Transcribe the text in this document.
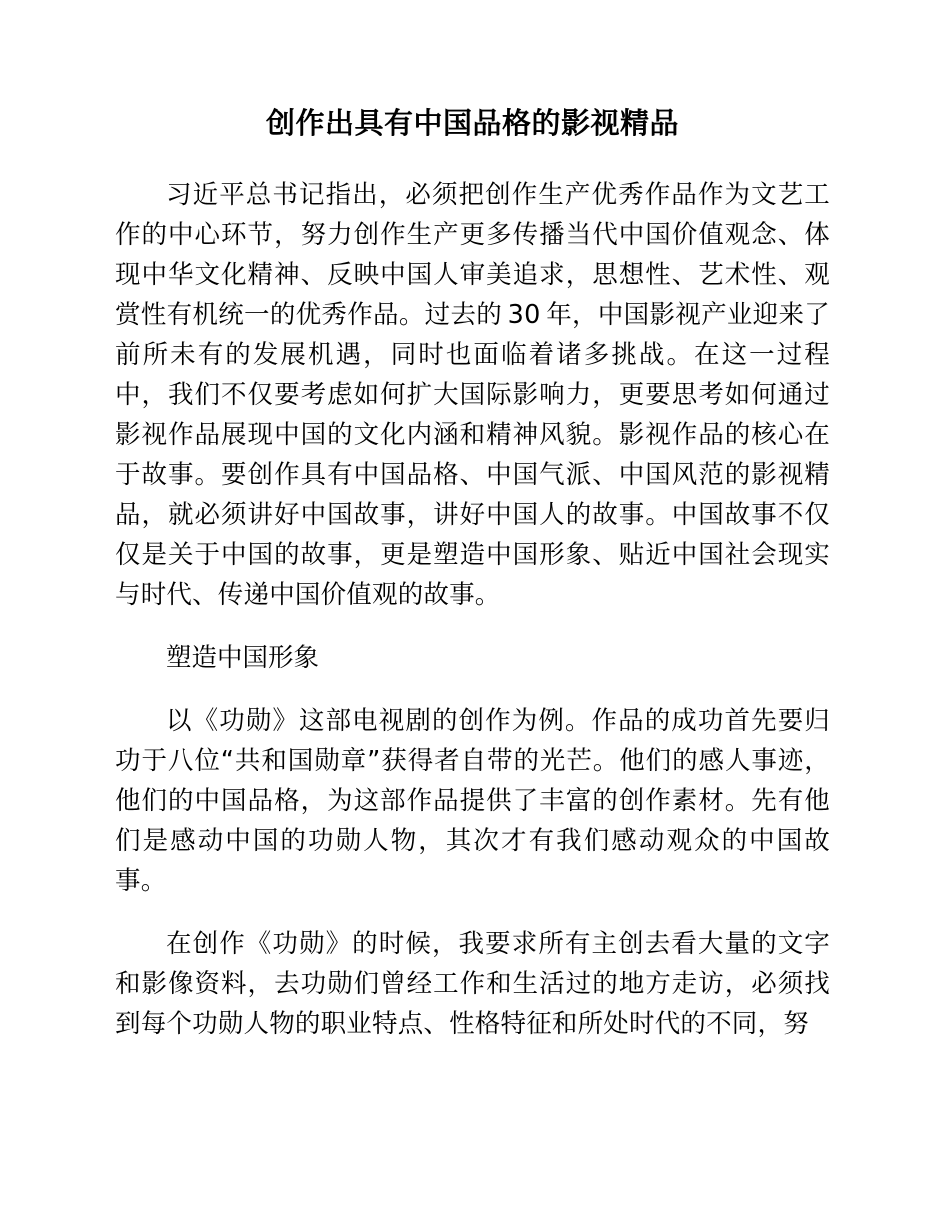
创作出具有中国品格的影视精品

习近平总书记指出，必须把创作生产优秀作品作为文艺工作的中心环节，努力创作生产更多传播当代中国价值观念、体现中华文化精神、反映中国人审美追求，思想性、艺术性、观赏性有机统一的优秀作品。过去的 30 年，中国影视产业迎来了前所未有的发展机遇，同时也面临着诸多挑战。在这一过程中，我们不仅要考虑如何扩大国际影响力，更要思考如何通过影视作品展现中国的文化内涵和精神风貌。影视作品的核心在于故事。要创作具有中国品格、中国气派、中国风范的影视精品，就必须讲好中国故事，讲好中国人的故事。中国故事不仅仅是关于中国的故事，更是塑造中国形象、贴近中国社会现实与时代、传递中国价值观的故事。

塑造中国形象

以《功勋》这部电视剧的创作为例。作品的成功首先要归功于八位“共和国勋章”获得者自带的光芒。他们的感人事迹，他们的中国品格，为这部作品提供了丰富的创作素材。先有他们是感动中国的功勋人物，其次才有我们感动观众的中国故事。

在创作《功勋》的时候，我要求所有主创去看大量的文字和影像资料，去功勋们曾经工作和生活过的地方走访，必须找到每个功勋人物的职业特点、性格特征和所处时代的不同，努
